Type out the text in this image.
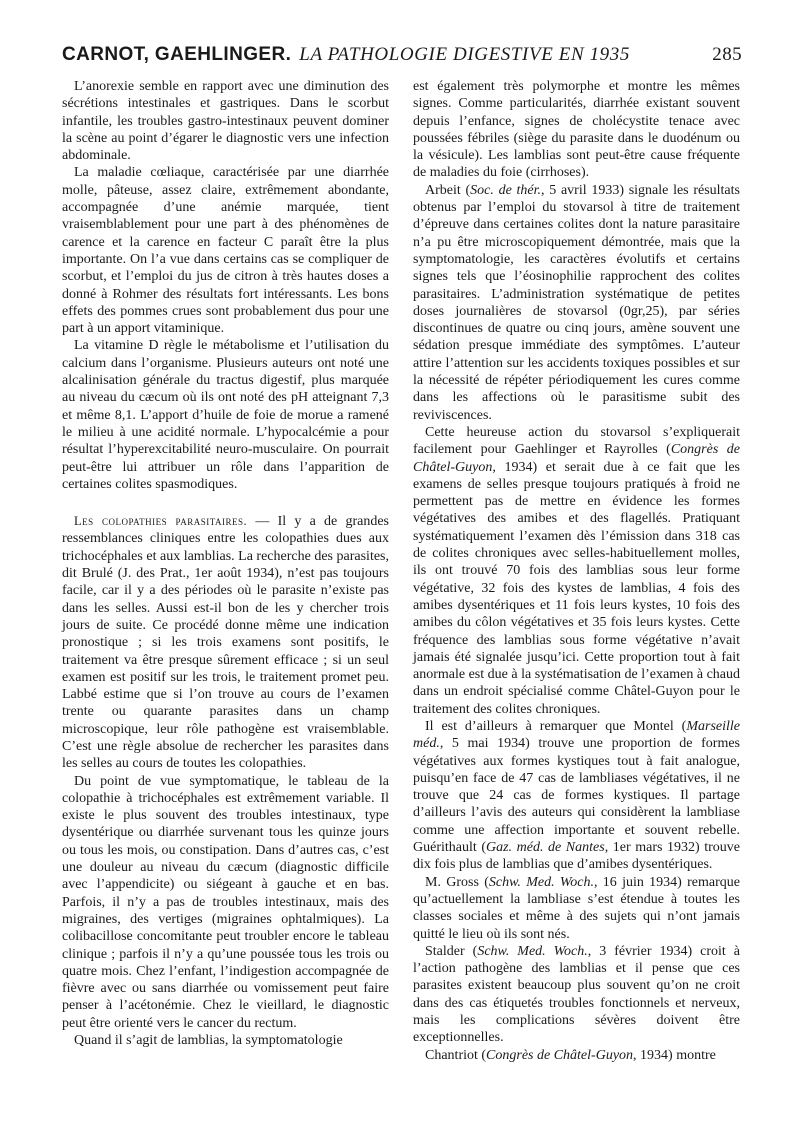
CARNOT, GAEHLINGER. LA PATHOLOGIE DIGESTIVE EN 1935	285

L’anorexie semble en rapport avec une diminution des sécrétions intestinales et gastriques. Dans le scorbut infantile, les troubles gastro-intestinaux peuvent dominer la scène au point d’égarer le diagnostic vers une infection abdominale.

La maladie cœliaque, caractérisée par une diarrhée molle, pâteuse, assez claire, extrêmement abondante, accompagnée d’une anémie marquée, tient vraisemblablement pour une part à des phénomènes de carence et la carence en facteur C paraît être la plus importante. On l’a vue dans certains cas se compliquer de scorbut, et l’emploi du jus de citron à très hautes doses a donné à Rohmer des résultats fort intéressants. Les bons effets des pommes crues sont probablement dus pour une part à un apport vitaminique.

La vitamine D règle le métabolisme et l’utilisation du calcium dans l’organisme. Plusieurs auteurs ont noté une alcalinisation générale du tractus digestif, plus marquée au niveau du cæcum où ils ont noté des pH atteignant 7,3 et même 8,1. L’apport d’huile de foie de morue a ramené le milieu à une acidité normale. L’hypocalcémie a pour résultat l’hyperexcitabilité neuro-musculaire. On pourrait peut-être lui attribuer un rôle dans l’apparition de certaines colites spasmodiques.

Les colopathies parasitaires. — Il y a de grandes ressemblances cliniques entre les colopathies dues aux trichocéphales et aux lamblias. La recherche des parasites, dit Brulé (J. des Prat., 1er août 1934), n’est pas toujours facile, car il y a des périodes où le parasite n’existe pas dans les selles. Aussi est-il bon de les y chercher trois jours de suite. Ce procédé donne même une indication pronostique ; si les trois examens sont positifs, le traitement va être presque sûrement efficace ; si un seul examen est positif sur les trois, le traitement promet peu. Labbé estime que si l’on trouve au cours de l’examen trente ou quarante parasites dans un champ microscopique, leur rôle pathogène est vraisemblable. C’est une règle absolue de rechercher les parasites dans les selles au cours de toutes les colopathies.

Du point de vue symptomatique, le tableau de la colopathie à trichocéphales est extrêmement variable. Il existe le plus souvent des troubles intestinaux, type dysentérique ou diarrhée survenant tous les quinze jours ou tous les mois, ou constipation. Dans d’autres cas, c’est une douleur au niveau du cæcum (diagnostic difficile avec l’appendicite) ou siégeant à gauche et en bas. Parfois, il n’y a pas de troubles intestinaux, mais des migraines, des vertiges (migraines ophtalmiques). La colibacillose concomitante peut troubler encore le tableau clinique ; parfois il n’y a qu’une poussée tous les trois ou quatre mois. Chez l’enfant, l’indigestion accompagnée de fièvre avec ou sans diarrhée ou vomissement peut faire penser à l’acétonémie. Chez le vieillard, le diagnostic peut être orienté vers le cancer du rectum.

Quand il s’agit de lamblias, la symptomatologie

est également très polymorphe et montre les mêmes signes. Comme particularités, diarrhée existant souvent depuis l’enfance, signes de cholécystite tenace avec poussées fébriles (siège du parasite dans le duodénum ou la vésicule). Les lamblias sont peut-être cause fréquente de maladies du foie (cirrhoses).

Arbeit (Soc. de thér., 5 avril 1933) signale les résultats obtenus par l’emploi du stovarsol à titre de traitement d’épreuve dans certaines colites dont la nature parasitaire n’a pu être microscopiquement démontrée, mais que la symptomatologie, les caractères évolutifs et certains signes tels que l’éosinophilie rapprochent des colites parasitaires. L’administration systématique de petites doses journalières de stovarsol (0gr,25), par séries discontinues de quatre ou cinq jours, amène souvent une sédation presque immédiate des symptômes. L’auteur attire l’attention sur les accidents toxiques possibles et sur la nécessité de répéter périodiquement les cures comme dans les affections où le parasitisme subit des reviviscences.

Cette heureuse action du stovarsol s’expliquerait facilement pour Gaehlinger et Rayrolles (Congrès de Châtel-Guyon, 1934) et serait due à ce fait que les examens de selles presque toujours pratiqués à froid ne permettent pas de mettre en évidence les formes végétatives des amibes et des flagellés. Pratiquant systématiquement l’examen dès l’émission dans 318 cas de colites chroniques avec selles-habituellement molles, ils ont trouvé 70 fois des lamblias sous leur forme végétative, 32 fois des kystes de lamblias, 4 fois des amibes dysentériques et 11 fois leurs kystes, 10 fois des amibes du côlon végétatives et 35 fois leurs kystes. Cette fréquence des lamblias sous forme végétative n’avait jamais été signalée jusqu’ici. Cette proportion tout à fait anormale est due à la systématisation de l’examen à chaud dans un endroit spécialisé comme Châtel-Guyon pour le traitement des colites chroniques.

Il est d’ailleurs à remarquer que Montel (Marseille méd., 5 mai 1934) trouve une proportion de formes végétatives aux formes kystiques tout à fait analogue, puisqu’en face de 47 cas de lambliases végétatives, il ne trouve que 24 cas de formes kystiques. Il partage d’ailleurs l’avis des auteurs qui considèrent la lambliase comme une affection importante et souvent rebelle. Guérithault (Gaz. méd. de Nantes, 1er mars 1932) trouve dix fois plus de lamblias que d’amibes dysentériques.

M. Gross (Schw. Med. Woch., 16 juin 1934) remarque qu’actuellement la lambliase s’est étendue à toutes les classes sociales et même à des sujets qui n’ont jamais quitté le lieu où ils sont nés.

Stalder (Schw. Med. Woch., 3 février 1934) croit à l’action pathogène des lamblias et il pense que ces parasites existent beaucoup plus souvent qu’on ne croit dans des cas étiquetés troubles fonctionnels et nerveux, mais les complications sévères doivent être exceptionnelles.

Chantriot (Congrès de Châtel-Guyon, 1934) montre
